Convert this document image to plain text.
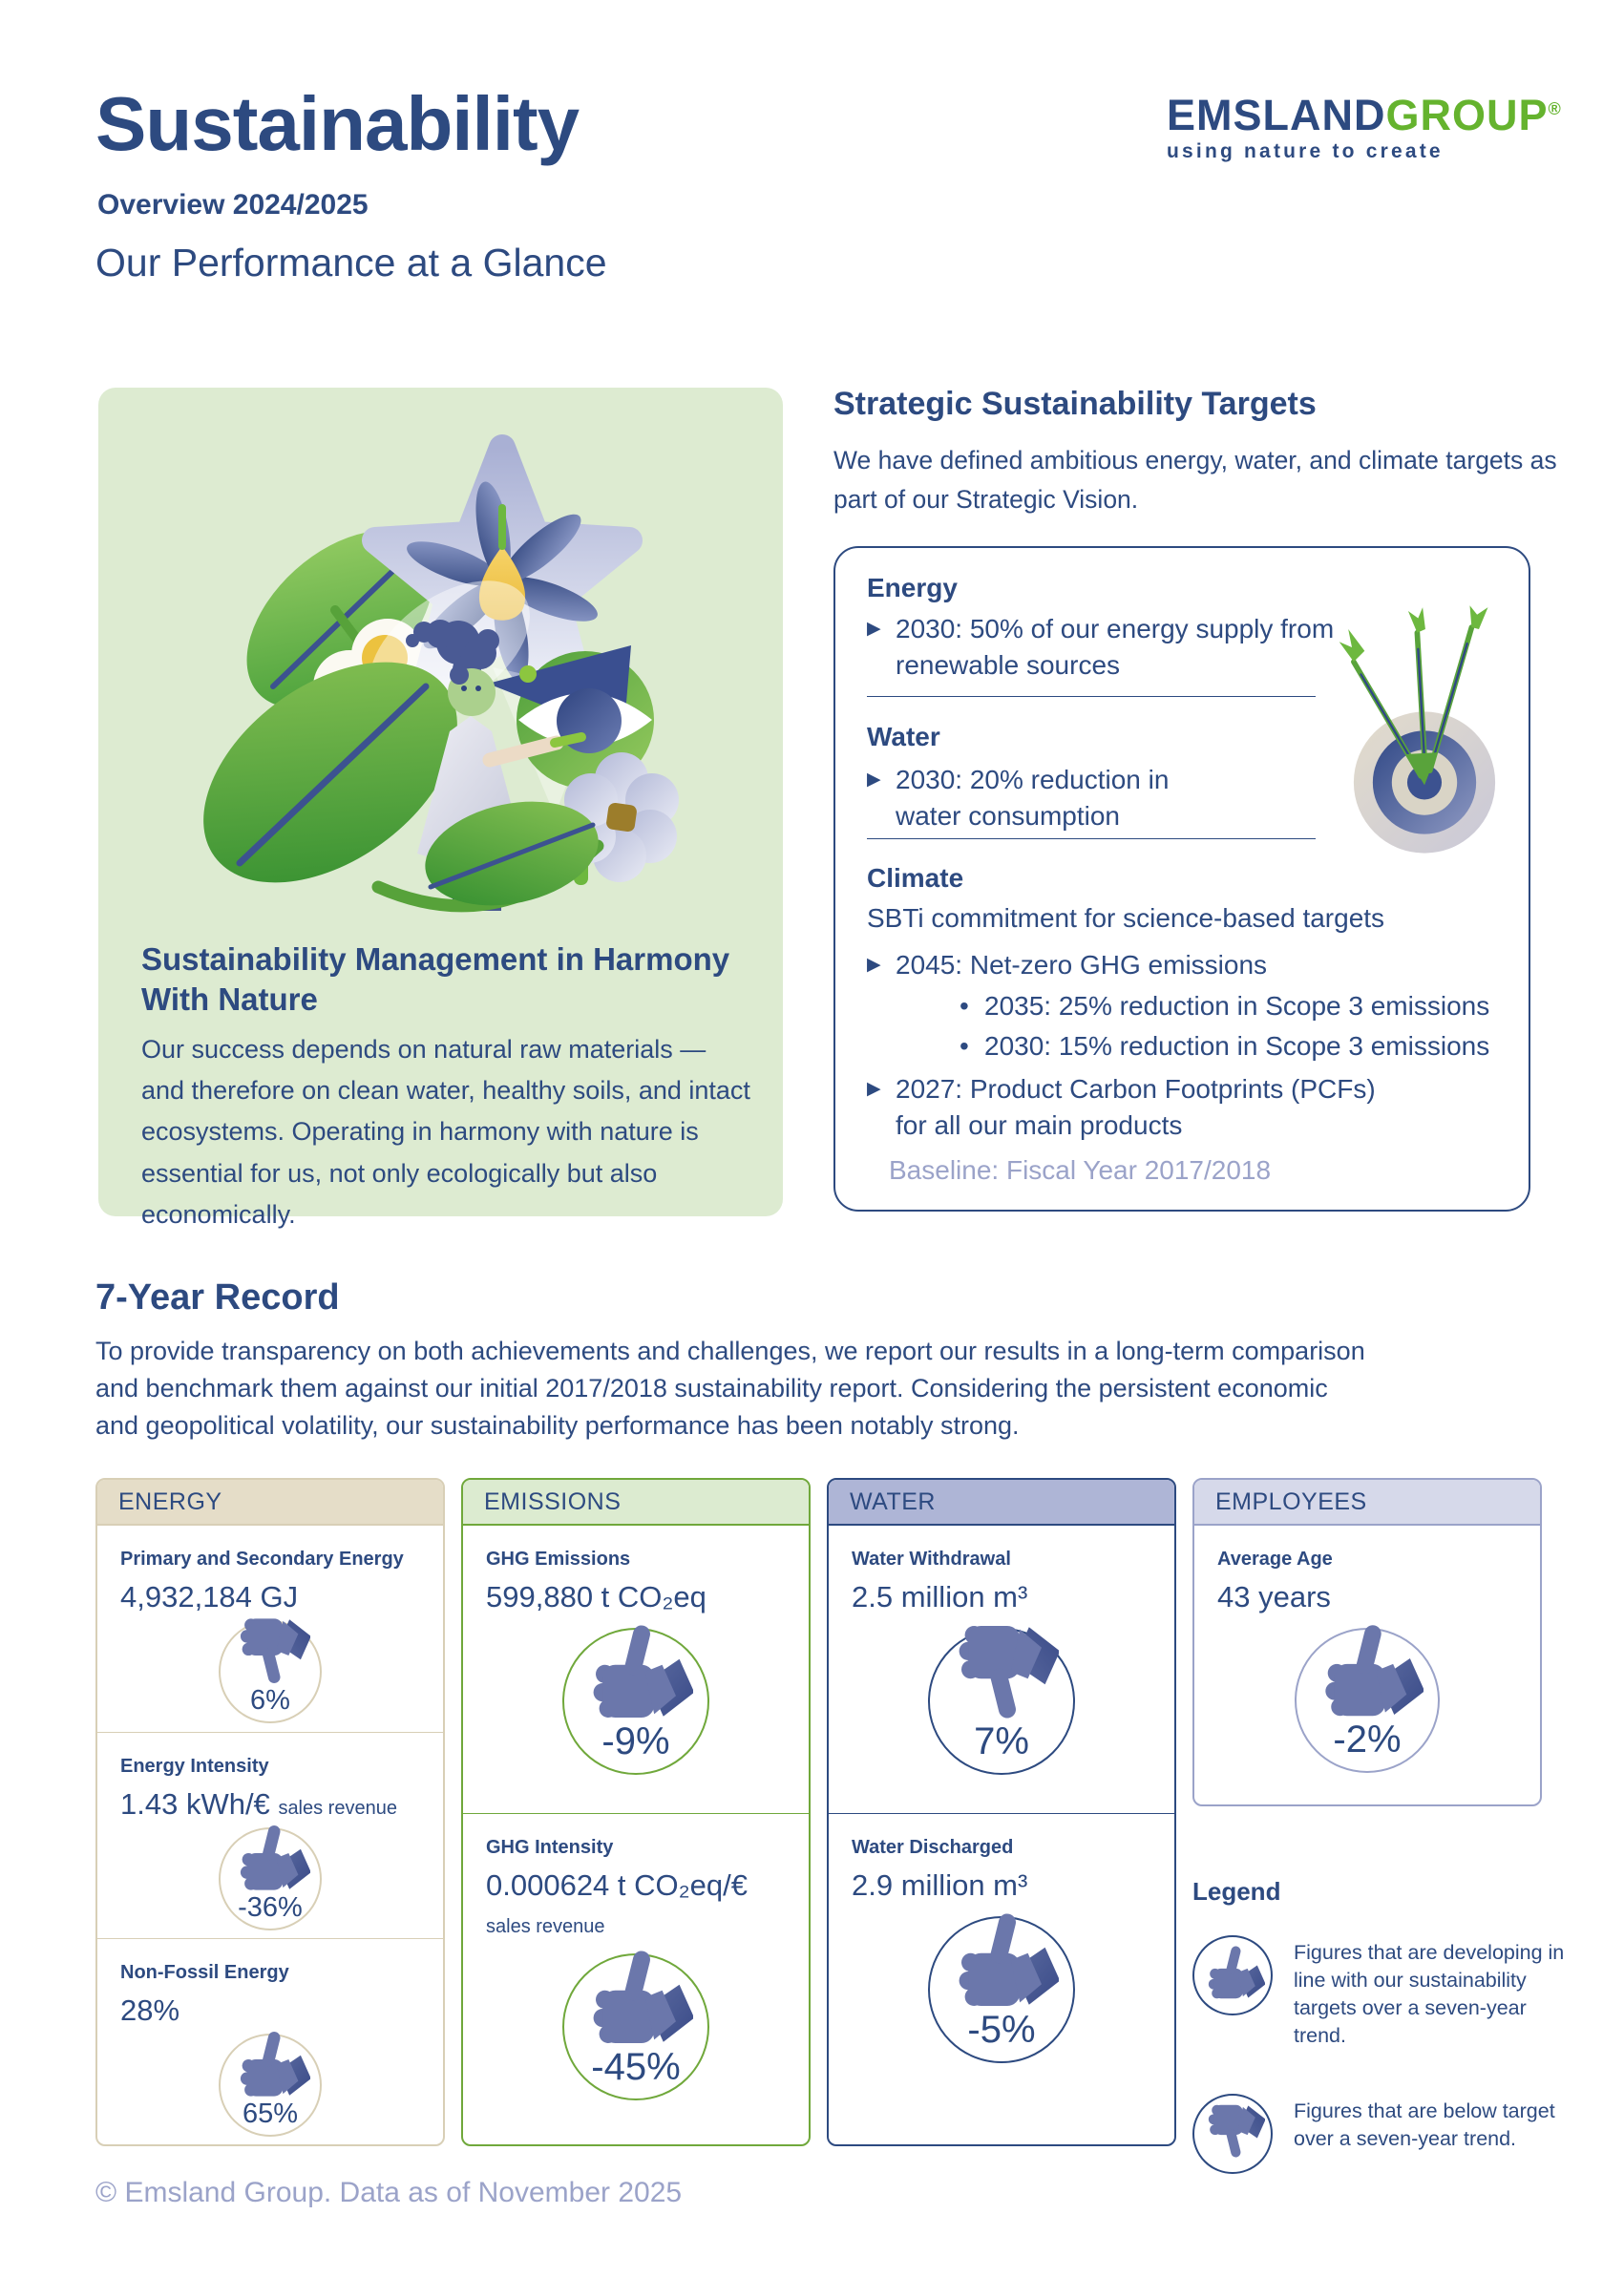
Sustainability
Overview 2024/2025
Our Performance at a Glance
EMSLANDGROUP®
using nature to create
Sustainability Management in Harmony With Nature
Our success depends on natural raw materials — and therefore on clean water, healthy soils, and intact ecosystems. Operating in harmony with nature is essential for us, not only ecologically but also economically.
Strategic Sustainability Targets
We have defined ambitious energy, water, and climate targets as part of our Strategic Vision.
Energy
▶ 2030: 50% of our energy supply from renewable sources
Water
▶ 2030: 20% reduction in water consumption
Climate
SBTi commitment for science-based targets
▶ 2045: Net-zero GHG emissions
• 2035: 25% reduction in Scope 3 emissions
• 2030: 15% reduction in Scope 3 emissions
▶ 2027: Product Carbon Footprints (PCFs) for all our main products
Baseline: Fiscal Year 2017/2018
7-Year Record
To provide transparency on both achievements and challenges, we report our results in a long-term comparison and benchmark them against our initial 2017/2018 sustainability report. Considering the persistent economic and geopolitical volatility, our sustainability performance has been notably strong.
ENERGY
Primary and Secondary Energy
4,932,184 GJ
6%
Energy Intensity
1.43 kWh/€ sales revenue
-36%
Non-Fossil Energy
28%
65%
EMISSIONS
GHG Emissions
599,880 t CO₂eq
-9%
GHG Intensity
0.000624 t CO₂eq/€ sales revenue
-45%
WATER
Water Withdrawal
2.5 million m³
7%
Water Discharged
2.9 million m³
-5%
EMPLOYEES
Average Age
43 years
-2%
Legend
Figures that are developing in line with our sustainability targets over a seven-year trend.
Figures that are below target over a seven-year trend.
© Emsland Group. Data as of November 2025
